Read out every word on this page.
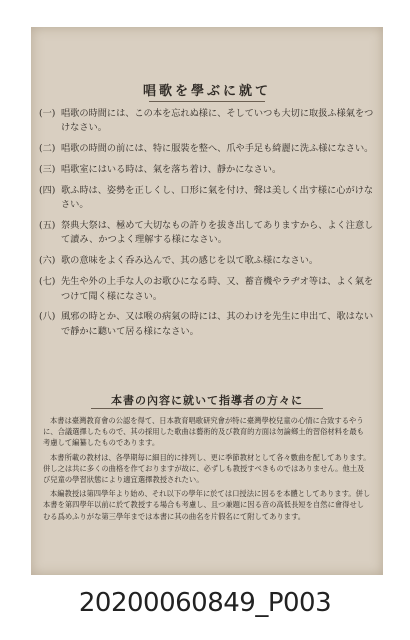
唱歌を學ぶに就て
(一) 唱歌の時間には、この本を忘れぬ様に、そしていつも大切に取扱ふ様氣をつけなさい。
(二) 唱歌の時間の前には、特に服裝を整へ、爪や手足も綺麗に洗ふ様になさい。
(三) 唱歌室にはいる時は、氣を落ち着け、靜かになさい。
(四) 歌ふ時は、姿勢を正しくし、口形に氣を付け、聲は美しく出す様に心がけなさい。
(五) 祭典大祭は、極めて大切なもの許りを拔き出してありますから、よく注意して讀み、かつよく理解する様になさい。
(六) 歌の意味をよく呑み込んで、其の感じを以て歌ふ様になさい。
(七) 先生や外の上手な人のお歌ひになる時、又、蓄音機やラヂオ等は、よく氣をつけて聞く様になさい。
(八) 風邪の時とか、又は喉の病氣の時には、其のわけを先生に申出て、歌はないで靜かに聽いて居る様になさい。
本書の內容に就いて指導者の方々に

本書は臺灣教育會の公認を得て、日本教育唱歌研究會が特に臺灣學校兒童の心情に合致するやうに、合議選擇したもので、其の採用した歌曲は藝術的及び教育的方面は勿論鄉土的習俗材料を最も考慮して編纂したものであります。

本書所載の教材は、各學期毎に細目的に排列し、更に季節教材として各々數曲を配してあります。併し之は共に多くの曲格を作ておりますが故に、必ずしも教授すべきものではありません。他土及び兒童の學習狀態により適宜選擇教授されたい。

本編教授は第四學年より始め、それ以下の學年に於ては口授法に因るを本體としてあります。併し本書を第四學年以前に於て教授する場合も考慮し、且つ兼題に因る音の高低長短を自然に會得せしむる爲めふりがな第三學年までは本書に其の曲名を片假名にて附してあります。

20200060849_P003
